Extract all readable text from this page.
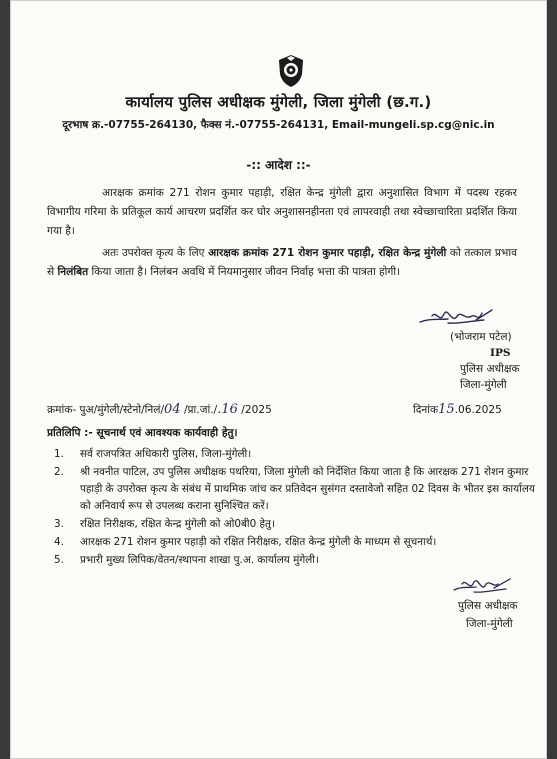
कार्यालय पुलिस अधीक्षक मुंगेली, जिला मुंगेली (छ.ग.)
दूरभाष क्र.-07755-264130, फैक्स नं.-07755-264131, Email-mungeli.sp.cg@nic.in
-:: आदेश ::-
आरक्षक क्रमांक 271 रोशन कुमार पहाड़ी, रक्षित केन्द्र मुंगेली द्वारा अनुशासित विभाग में पदस्थ रहकर विभागीय गरिमा के प्रतिकूल कार्य आचरण प्रदर्शित कर घोर अनुशासनहीनता एवं लापरवाही तथा स्वेच्छाचारिता प्रदर्शित किया गया है।
अतः उपरोक्त कृत्य के लिए आरक्षक क्रमांक 271 रोशन कुमार पहाड़ी, रक्षित केन्द्र मुंगेली को तत्काल प्रभाव से निलंबित किया जाता है। निलंबन अवधि में नियमानुसार जीवन निर्वाह भत्ता की पात्रता होगी।
(भोजराम पटेल)
IPS
पुलिस अधीक्षक
जिला-मुंगेली
क्रमांक- पुअ/मुंगेली/स्टेनो/निलं/04 /प्रा.जां./.16 /2025	दिनांक15.06.2025
प्रतिलिपि :- सूचनार्थ एवं आवश्यक कार्यवाही हेतु।
1.	सर्व राजपत्रित अधिकारी पुलिस, जिला-मुंगेली।
2.	श्री नवनीत पाटिल, उप पुलिस अधीक्षक पथरिया, जिला मुंगेली को निर्देशित किया जाता है कि आरक्षक 271 रोशन कुमार पहाड़ी के उपरोक्त कृत्य के संबंध में प्राथमिक जांच कर प्रतिवेदन सुसंगत दस्तावेजो सहित 02 दिवस के भीतर इस कार्यालय को अनिवार्य रूप से उपलब्ध कराना सुनिश्चित करें।
3.	रक्षित निरीक्षक, रक्षित केन्द्र मुंगेली को ओ0बी0 हेतु।
4.	आरक्षक 271 रोशन कुमार पहाड़ी को रक्षित निरीक्षक, रक्षित केन्द्र मुंगेली के माध्यम से सूचनार्थ।
5.	प्रभारी मुख्य लिपिक/वेतन/स्थापना शाखा पु.अ. कार्यालय मुंगेली।
पुलिस अधीक्षक
जिला-मुंगेली
